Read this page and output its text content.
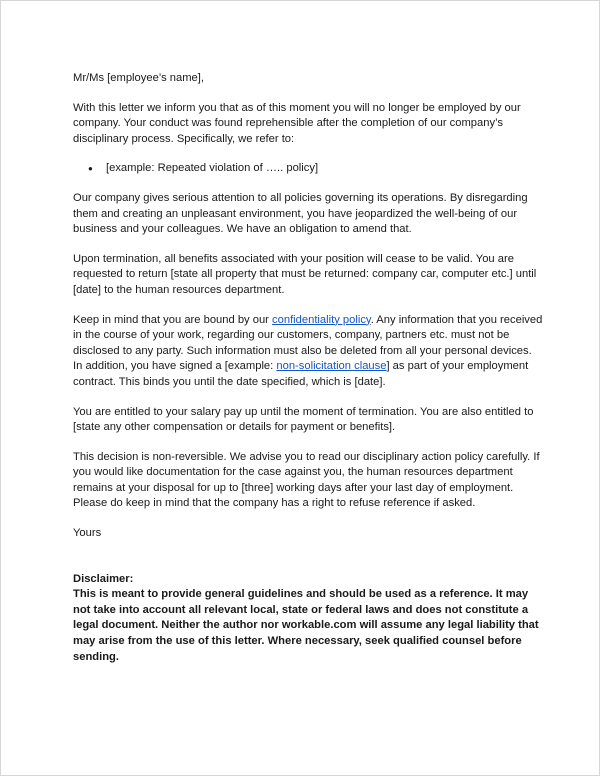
Mr/Ms [employee’s name],

With this letter we inform you that as of this moment you will no longer be employed by our company. Your conduct was found reprehensible after the completion of our company’s disciplinary process. Specifically, we refer to:

● [example: Repeated violation of ….. policy]

Our company gives serious attention to all policies governing its operations. By disregarding them and creating an unpleasant environment, you have jeopardized the well-being of our business and your colleagues. We have an obligation to amend that.

Upon termination, all benefits associated with your position will cease to be valid. You are requested to return [state all property that must be returned: company car, computer etc.] until [date] to the human resources department.

Keep in mind that you are bound by our confidentiality policy. Any information that you received in the course of your work, regarding our customers, company, partners etc. must not be disclosed to any party. Such information must also be deleted from all your personal devices. In addition, you have signed a [example: non-solicitation clause] as part of your employment contract. This binds you until the date specified, which is [date].

You are entitled to your salary pay up until the moment of termination. You are also entitled to [state any other compensation or details for payment or benefits].

This decision is non-reversible. We advise you to read our disciplinary action policy carefully. If you would like documentation for the case against you, the human resources department remains at your disposal for up to [three] working days after your last day of employment. Please do keep in mind that the company has a right to refuse reference if asked.

Yours

Disclaimer:

This is meant to provide general guidelines and should be used as a reference. It may not take into account all relevant local, state or federal laws and does not constitute a legal document. Neither the author nor workable.com will assume any legal liability that may arise from the use of this letter. Where necessary, seek qualified counsel before sending.
